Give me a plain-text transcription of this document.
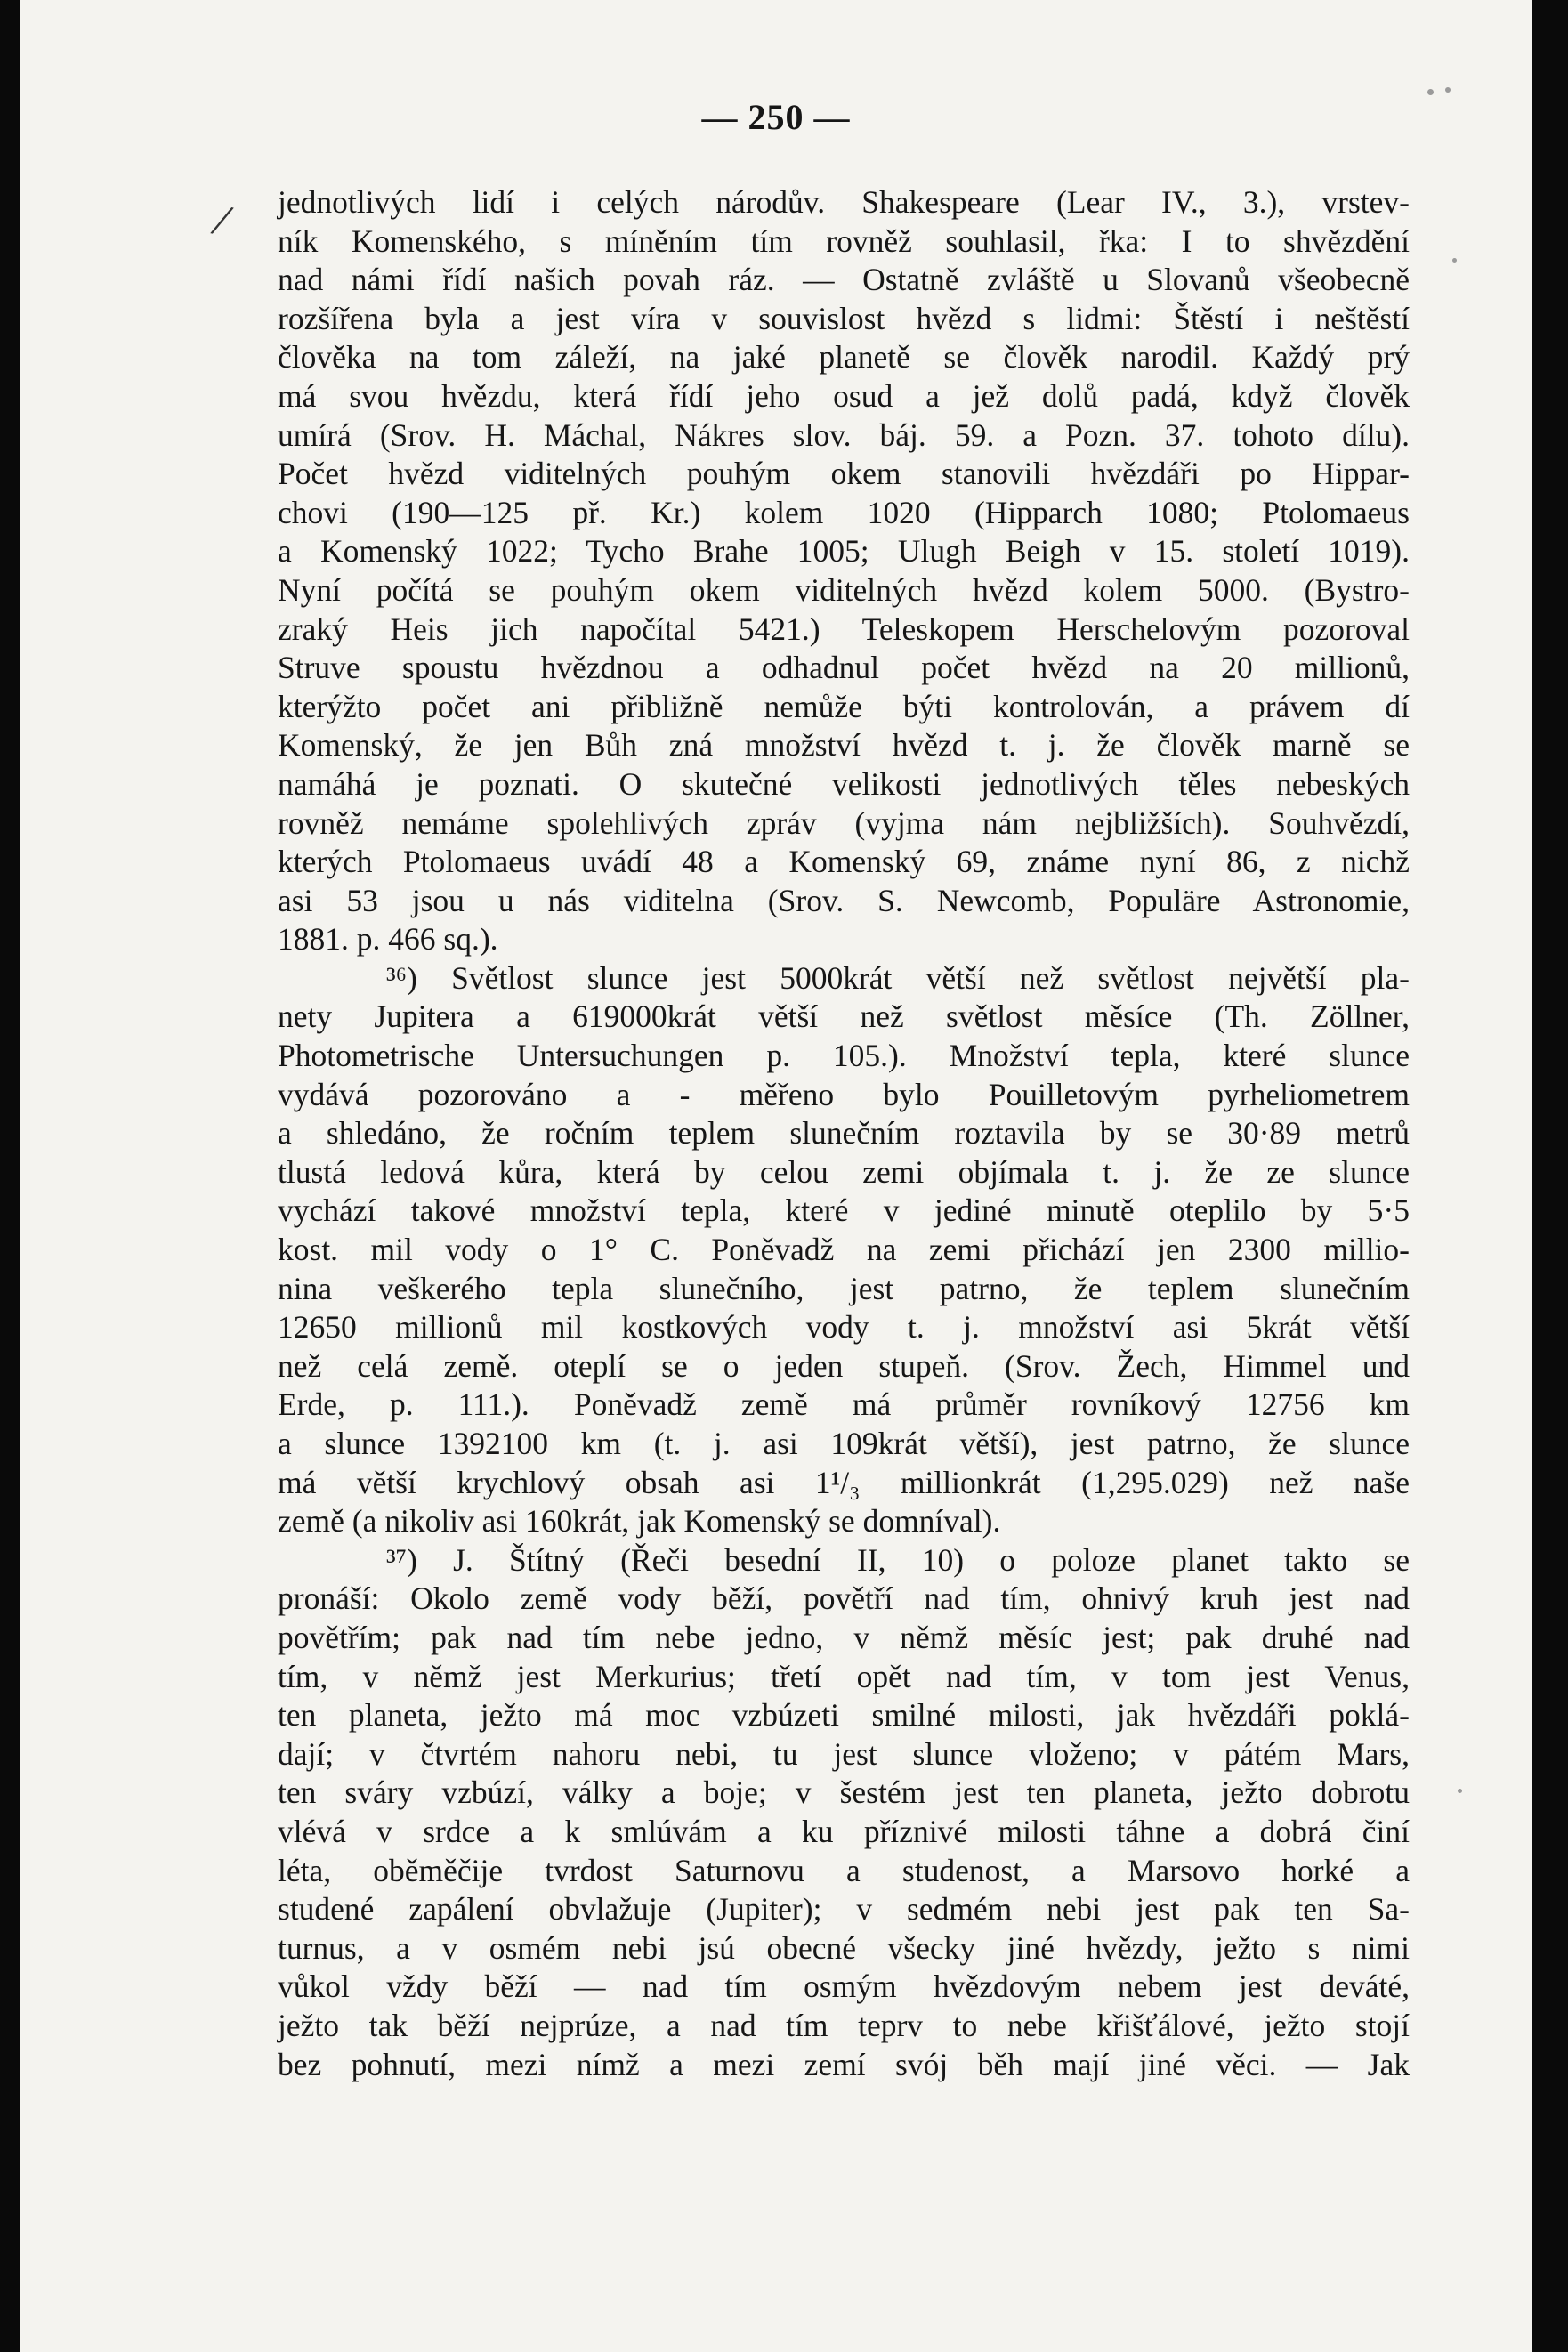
— 250 —
/ jednotlivých lidí i celých národův. Shakespeare (Lear IV., 3.), vrstev-
ník Komenského, s míněním tím rovněž souhlasil, řka: I to shvězdění
nad námi řídí našich povah ráz. — Ostatně zvláště u Slovanů všeobecně
rozšířena byla a jest víra v souvislost hvězd s lidmi: Štěstí i neštěstí
člověka na tom záleží, na jaké planetě se člověk narodil. Každý prý
má svou hvězdu, která řídí jeho osud a jež dolů padá, když člověk
umírá (Srov. H. Máchal, Nákres slov. báj. 59. a Pozn. 37. tohoto dílu).
Počet hvězd viditelných pouhým okem stanovili hvězdáři po Hippar-
chovi (190—125 př. Kr.) kolem 1020 (Hipparch 1080; Ptolomaeus
a Komenský 1022; Tycho Brahe 1005; Ulugh Beigh v 15. století 1019).
Nyní počítá se pouhým okem viditelných hvězd kolem 5000. (Bystro-
zraký Heis jich napočítal 5421.) Teleskopem Herschelovým pozoroval
Struve spoustu hvězdnou a odhadnul počet hvězd na 20 millionů,
kterýžto počet ani přibližně nemůže býti kontrolován, a právem dí
Komenský, že jen Bůh zná množství hvězd t. j. že člověk marně se
namáhá je poznati. O skutečné velikosti jednotlivých těles nebeských
rovněž nemáme spolehlivých zpráv (vyjma nám nejbližších). Souhvězdí,
kterých Ptolomaeus uvádí 48 a Komenský 69, známe nyní 86, z nichž
asi 53 jsou u nás viditelna (Srov. S. Newcomb, Populäre Astronomie,
1881. p. 466 sq.).
³⁶) Světlost slunce jest 5000krát větší než světlost největší pla-
nety Jupitera a 619000krát větší než světlost měsíce (Th. Zöllner,
Photometrische Untersuchungen p. 105.). Množství tepla, které slunce
vydává pozorováno a - měřeno bylo Pouilletovým pyrheliometrem
a shledáno, že ročním teplem slunečním roztavila by se 30·89 metrů
tlustá ledová kůra, která by celou zemi objímala t. j. že ze slunce
vychází takové množství tepla, které v jediné minutě oteplilo by 5·5
kost. mil vody o 1° C. Poněvadž na zemi přichází jen 2300 milliο-
nina veškerého tepla slunečního, jest patrno, že teplem slunečním
12650 millionů mil kostkových vody t. j. množství asi 5krát větší
než celá země. oteplí se o jeden stupeň. (Srov. Žech, Himmel und
Erde, p. 111.). Poněvadž země má průměr rovníkový 12756 km
a slunce 1392100 km (t. j. asi 109krát větší), jest patrno, že slunce
má větší krychlový obsah asi 1¹/₃ millionkrát (1,295.029) než naše
země (a nikoliv asi 160krát, jak Komenský se domníval).
³⁷) J. Štítný (Řeči besední II, 10) o poloze planet takto se
pronáší: Okolo země vody běží, povětří nad tím, ohnivý kruh jest nad
povětřím; pak nad tím nebe jedno, v němž měsíc jest; pak druhé nad
tím, v němž jest Merkurius; třetí opět nad tím, v tom jest Venus,
ten planeta, ježto má moc vzbúzeti smilné milosti, jak hvězdáři poklá-
dají; v čtvrtém nahoru nebi, tu jest slunce vloženo; v pátém Mars,
ten sváry vzbúzí, války a boje; v šestém jest ten planeta, ježto dobrotu
vlévá v srdce a k smlúvám a ku příznivé milosti táhne a dobrá činí
léta, oběměčije tvrdost Saturnovu a studenost, a Marsovo horké a
studené zapálení obvlažuje (Jupiter); v sedmém nebi jest pak ten Sa-
turnus, a v osmém nebi jsú obecné všecky jiné hvězdy, ježto s nimi
vůkol vždy běží — nad tím osmým hvězdovým nebem jest deváté,
ježto tak běží nejprúze, a nad tím teprv to nebe křišťálové, ježto stojí
bez pohnutí, mezi nímž a mezi zemí svój běh mají jiné věci. — Jak
